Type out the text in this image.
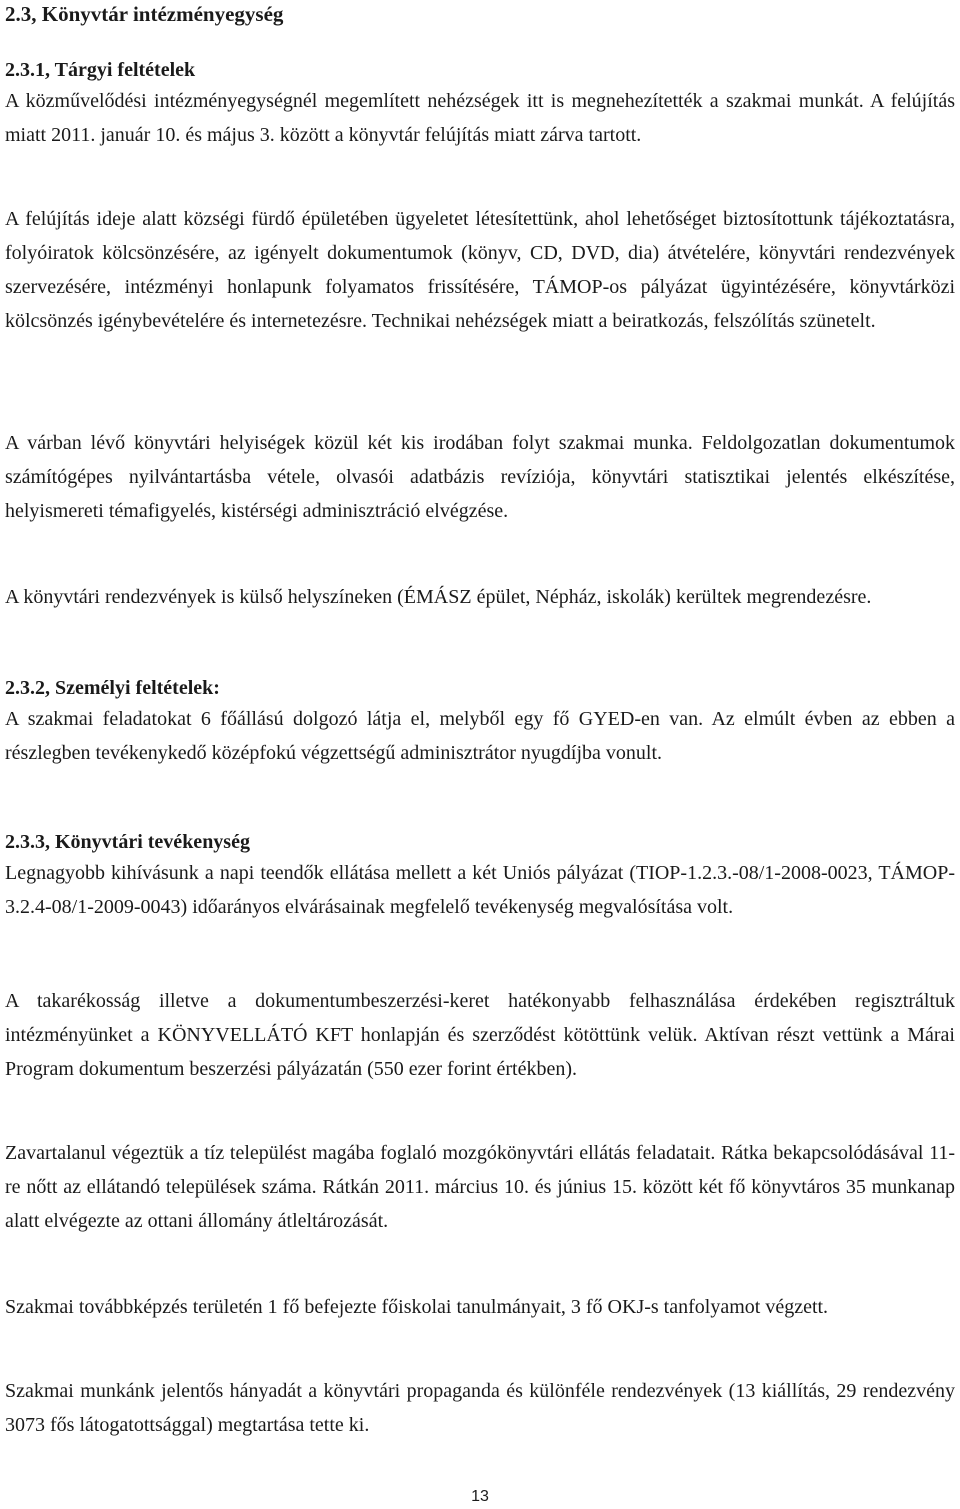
2.3, Könyvtár intézményegység
2.3.1, Tárgyi feltételek

A közművelődési intézményegységnél megemlített nehézségek itt is megnehezítették a szakmai munkát. A felújítás miatt 2011. január 10. és május 3. között a könyvtár felújítás miatt zárva tartott.

A felújítás ideje alatt községi fürdő épületében ügyeletet létesítettünk, ahol lehetőséget biztosítottunk tájékoztatásra, folyóiratok kölcsönzésére, az igényelt dokumentumok (könyv, CD, DVD, dia) átvételére, könyvtári rendezvények szervezésére, intézményi honlapunk folyamatos frissítésére, TÁMOP-os pályázat ügyintézésére, könyvtárközi kölcsönzés igénybevételére és internetezésre. Technikai nehézségek miatt a beiratkozás, felszólítás szünetelt.

A várban lévő könyvtári helyiségek közül két kis irodában folyt szakmai munka. Feldolgozatlan dokumentumok számítógépes nyilvántartásba vétele, olvasói adatbázis revíziója, könyvtári statisztikai jelentés elkészítése, helyismereti témafigyelés, kistérségi adminisztráció elvégzése.

A könyvtári rendezvények is külső helyszíneken (ÉMÁSZ épület, Népház, iskolák) kerültek megrendezésre.

2.3.2, Személyi feltételek:

A szakmai feladatokat 6 főállású dolgozó látja el, melyből egy fő GYED-en van. Az elmúlt évben az ebben a részlegben tevékenykedő középfokú végzettségű adminisztrátor nyugdíjba vonult.

2.3.3, Könyvtári tevékenység

Legnagyobb kihívásunk a napi teendők ellátása mellett a két Uniós pályázat (TIOP-1.2.3.-08/1-2008-0023, TÁMOP-3.2.4-08/1-2009-0043) időarányos elvárásainak megfelelő tevékenység megvalósítása volt.

A takarékosság illetve a dokumentumbeszerzési-keret hatékonyabb felhasználása érdekében regisztráltuk intézményünket a KÖNYVELLÁTÓ KFT honlapján és szerződést kötöttünk velük. Aktívan részt vettünk a Márai Program dokumentum beszerzési pályázatán (550 ezer forint értékben).

Zavartalanul végeztük a tíz települést magába foglaló mozgókönyvtári ellátás feladatait. Rátka bekapcsolódásával 11-re nőtt az ellátandó települések száma. Rátkán 2011. március 10. és június 15. között két fő könyvtáros 35 munkanap alatt elvégezte az ottani állomány átleltározását.

Szakmai továbbképzés területén 1 fő befejezte főiskolai tanulmányait, 3 fő OKJ-s tanfolyamot végzett.

Szakmai munkánk jelentős hányadát a könyvtári propaganda és különféle rendezvények (13 kiállítás, 29 rendezvény 3073 fős látogatottsággal) megtartása tette ki.

13
